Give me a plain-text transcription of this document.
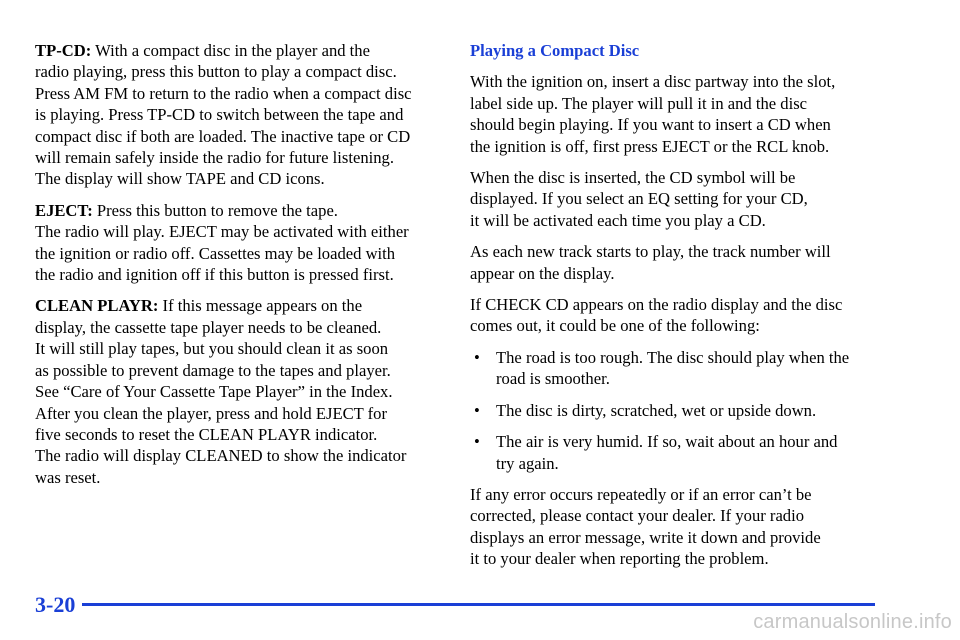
TP-CD: With a compact disc in the player and the
radio playing, press this button to play a compact disc.
Press AM FM to return to the radio when a compact disc
is playing. Press TP-CD to switch between the tape and
compact disc if both are loaded. The inactive tape or CD
will remain safely inside the radio for future listening.
The display will show TAPE and CD icons.

EJECT: Press this button to remove the tape.
The radio will play. EJECT may be activated with either
the ignition or radio off. Cassettes may be loaded with
the radio and ignition off if this button is pressed first.

CLEAN PLAYR: If this message appears on the
display, the cassette tape player needs to be cleaned.
It will still play tapes, but you should clean it as soon
as possible to prevent damage to the tapes and player.
See “Care of Your Cassette Tape Player” in the Index.
After you clean the player, press and hold EJECT for
five seconds to reset the CLEAN PLAYR indicator.
The radio will display CLEANED to show the indicator
was reset.

Playing a Compact Disc

With the ignition on, insert a disc partway into the slot,
label side up. The player will pull it in and the disc
should begin playing. If you want to insert a CD when
the ignition is off, first press EJECT or the RCL knob.

When the disc is inserted, the CD symbol will be
displayed. If you select an EQ setting for your CD,
it will be activated each time you play a CD.

As each new track starts to play, the track number will
appear on the display.

If CHECK CD appears on the radio display and the disc
comes out, it could be one of the following:

• The road is too rough. The disc should play when the
road is smoother.
• The disc is dirty, scratched, wet or upside down.
• The air is very humid. If so, wait about an hour and
try again.

If any error occurs repeatedly or if an error can’t be
corrected, please contact your dealer. If your radio
displays an error message, write it down and provide
it to your dealer when reporting the problem.

3-20
carmanualsonline.info
